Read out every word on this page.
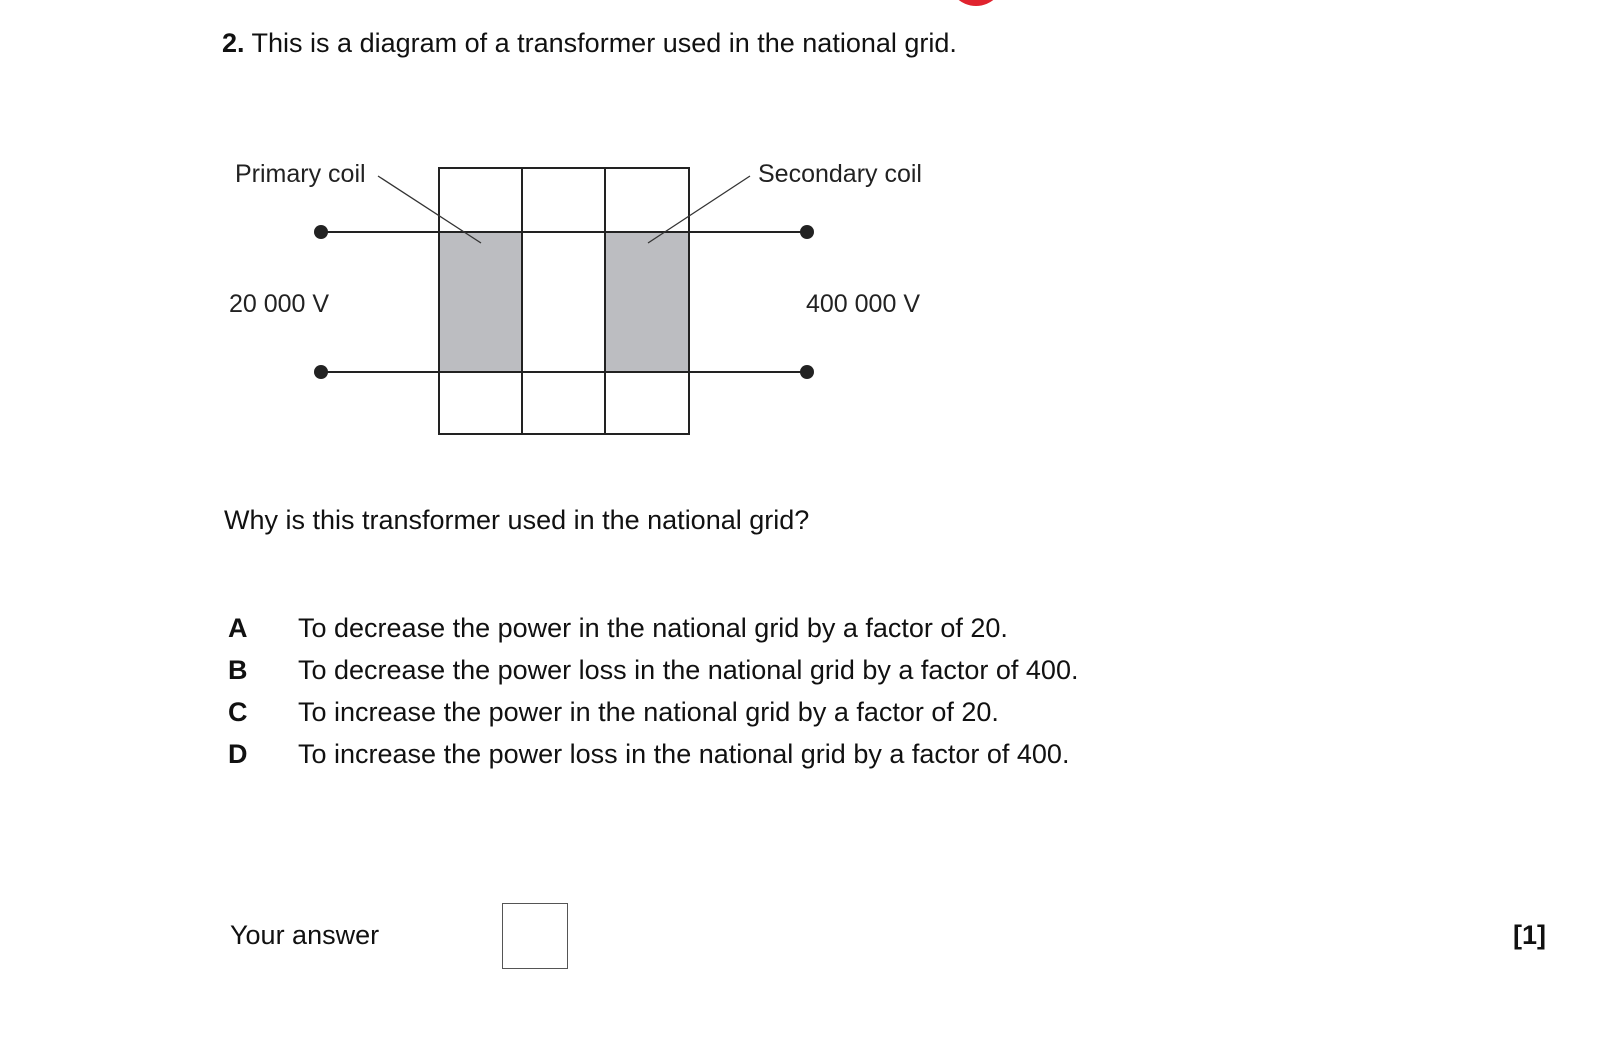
2. This is a diagram of a transformer used in the national grid.
Primary coil	Secondary coil
20 000 V	400 000 V
Why is this transformer used in the national grid?
A	To decrease the power in the national grid by a factor of 20.
B	To decrease the power loss in the national grid by a factor of 400.
C	To increase the power in the national grid by a factor of 20.
D	To increase the power loss in the national grid by a factor of 400.
Your answer	[1]
